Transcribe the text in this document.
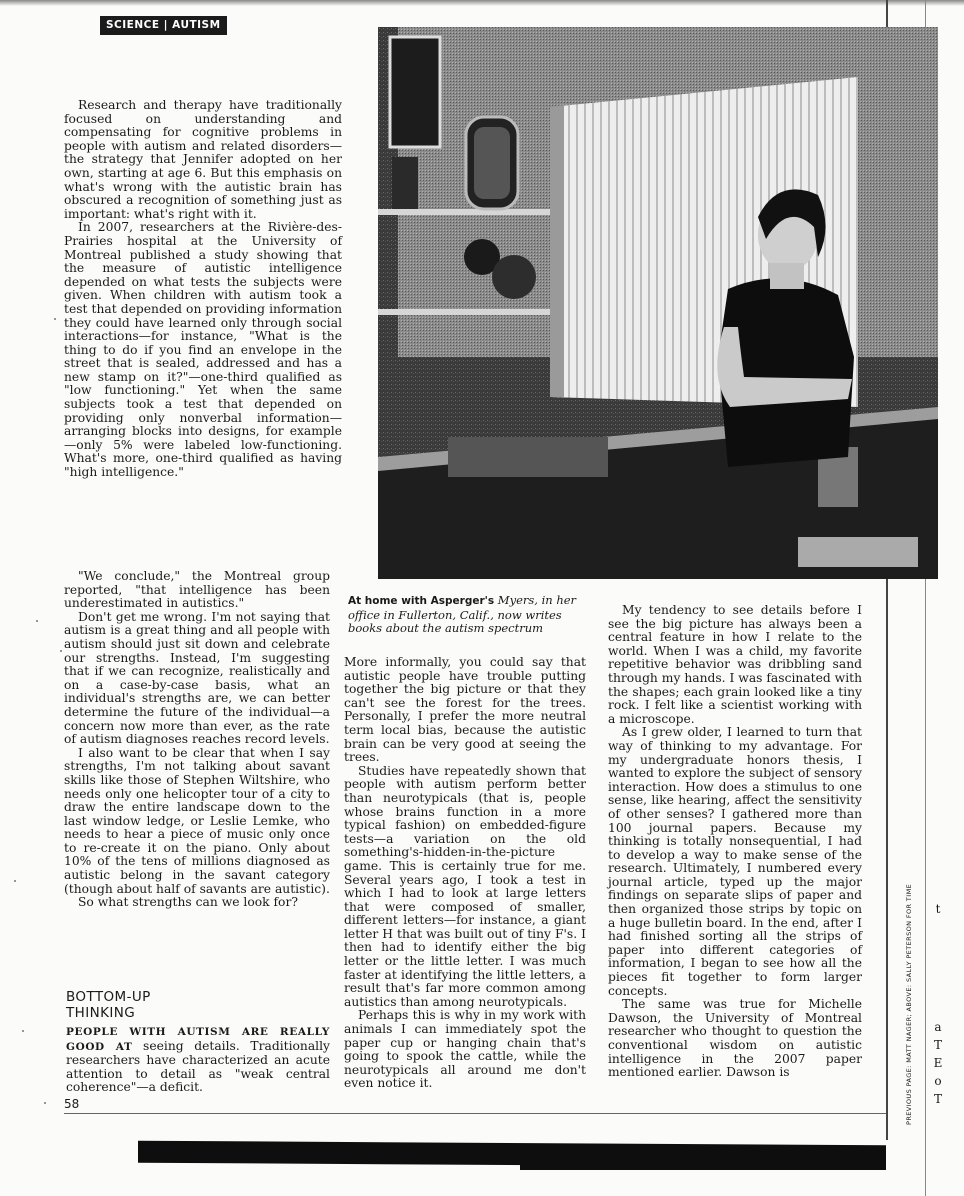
SCIENCE | AUTISM

Research and therapy have traditionally focused on understanding and compensating for cognitive problems in people with autism and related disorders—the strategy that Jennifer adopted on her own, starting at age 6. But this emphasis on what's wrong with the autistic brain has obscured a recognition of something just as important: what's right with it.

In 2007, researchers at the Rivière-des-Prairies hospital at the University of Montreal published a study showing that the measure of autistic intelligence depended on what tests the subjects were given. When children with autism took a test that depended on providing information they could have learned only through social interactions—for instance, "What is the thing to do if you find an envelope in the street that is sealed, addressed and has a new stamp on it?"—one-third qualified as "low functioning." Yet when the same subjects took a test that depended on providing only nonverbal information—arranging blocks into designs, for example—only 5% were labeled low-functioning. What's more, one-third qualified as having "high intelligence."

"We conclude," the Montreal group reported, "that intelligence has been underestimated in autistics."

Don't get me wrong. I'm not saying that autism is a great thing and all people with autism should just sit down and celebrate our strengths. Instead, I'm suggesting that if we can recognize, realistically and on a case-by-case basis, what an individual's strengths are, we can better determine the future of the individual—a concern now more than ever, as the rate of autism diagnoses reaches record levels.

I also want to be clear that when I say strengths, I'm not talking about savant skills like those of Stephen Wiltshire, who needs only one helicopter tour of a city to draw the entire landscape down to the last window ledge, or Leslie Lemke, who needs to hear a piece of music only once to re-create it on the piano. Only about 10% of the tens of millions diagnosed as autistic belong in the savant category (though about half of savants are autistic).

So what strengths can we look for?

BOTTOM-UP
THINKING
PEOPLE WITH AUTISM ARE REALLY GOOD AT seeing details. Traditionally researchers have characterized an acute attention to detail as "weak central coherence"—a deficit.
At home with Asperger's Myers, in her office in Fullerton, Calif., now writes books about the autism spectrum

More informally, you could say that autistic people have trouble putting together the big picture or that they can't see the forest for the trees. Personally, I prefer the more neutral term local bias, because the autistic brain can be very good at seeing the trees.

Studies have repeatedly shown that people with autism perform better than neurotypicals (that is, people whose brains function in a more typical fashion) on embedded-figure tests—a variation on the old something's-hidden-in-the-picture game. This is certainly true for me. Several years ago, I took a test in which I had to look at large letters that were composed of smaller, different letters—for instance, a giant letter H that was built out of tiny F's. I then had to identify either the big letter or the little letter. I was much faster at identifying the little letters, a result that's far more common among autistics than among neurotypicals.

Perhaps this is why in my work with animals I can immediately spot the paper cup or hanging chain that's going to spook the cattle, while the neurotypicals all around me don't even notice it.

My tendency to see details before I see the big picture has always been a central feature in how I relate to the world. When I was a child, my favorite repetitive behavior was dribbling sand through my hands. I was fascinated with the shapes; each grain looked like a tiny rock. I felt like a scientist working with a microscope.

As I grew older, I learned to turn that way of thinking to my advantage. For my undergraduate honors thesis, I wanted to explore the subject of sensory interaction. How does a stimulus to one sense, like hearing, affect the sensitivity of other senses? I gathered more than 100 journal papers. Because my thinking is totally nonsequential, I had to develop a way to make sense of the research. Ultimately, I numbered every journal article, typed up the major findings on separate slips of paper and then organized those strips by topic on a huge bulletin board. In the end, after I had finished sorting all the strips of paper into different categories of information, I began to see how all the pieces fit together to form larger concepts.

The same was true for Michelle Dawson, the University of Montreal researcher who thought to question the conventional wisdom on autistic intelligence in the 2007 paper mentioned earlier. Dawson is

58	PREVIOUS PAGE: MATT NAGER; ABOVE: SALLY PETERSON FOR TIME	t
a
T
E
o
T
